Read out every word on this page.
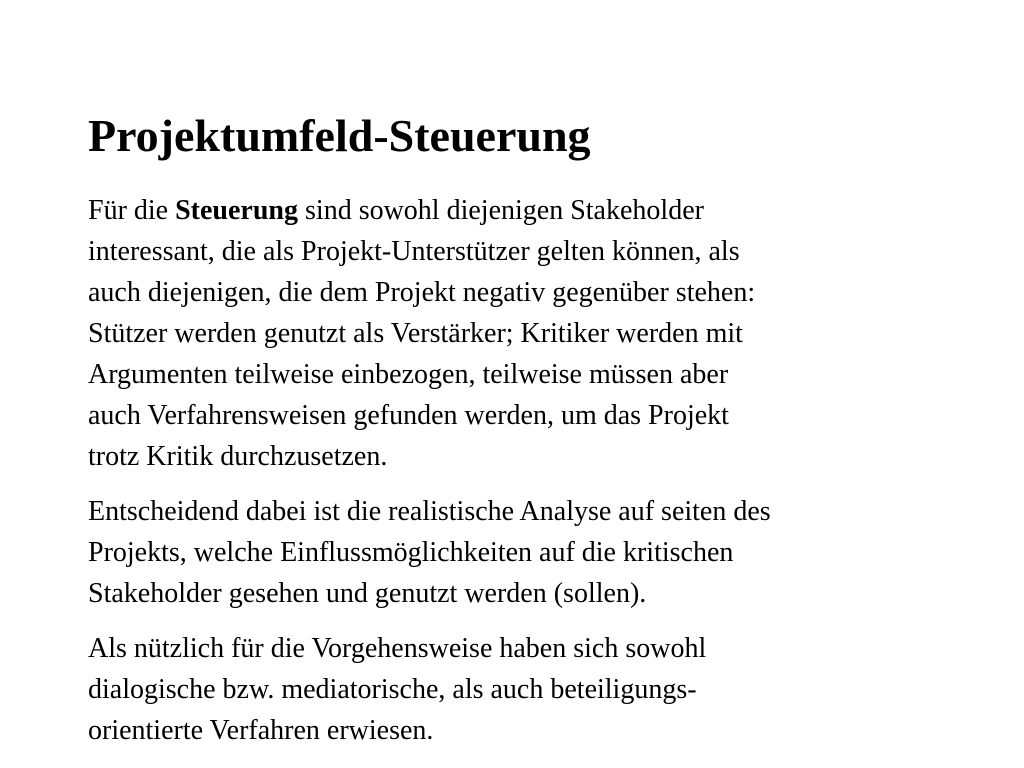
Projektumfeld-Steuerung

Für die Steuerung sind sowohl diejenigen Stakeholder
interessant, die als Projekt-Unterstützer gelten können, als
auch diejenigen, die dem Projekt negativ gegenüber stehen:
Stützer werden genutzt als Verstärker; Kritiker werden mit
Argumenten teilweise einbezogen, teilweise müssen aber
auch Verfahrensweisen gefunden werden, um das Projekt
trotz Kritik durchzusetzen.

Entscheidend dabei ist die realistische Analyse auf seiten des
Projekts, welche Einflussmöglichkeiten auf die kritischen
Stakeholder gesehen und genutzt werden (sollen).

Als nützlich für die Vorgehensweise haben sich sowohl
dialogische bzw. mediatorische, als auch beteiligungs-
orientierte Verfahren erwiesen.
